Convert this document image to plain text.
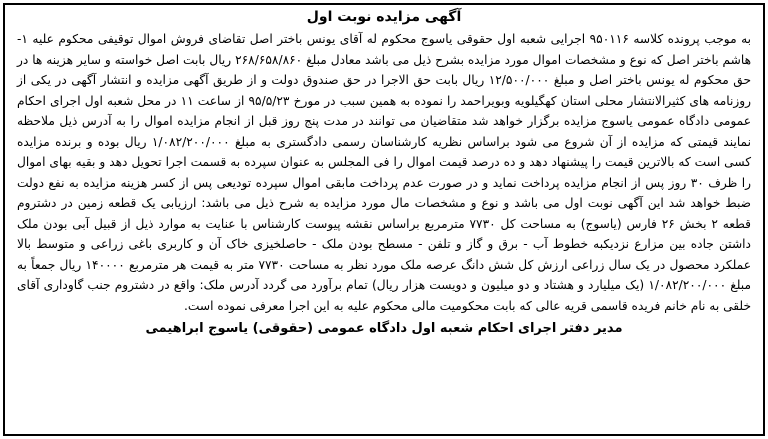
آگهی مزایده نوبت اول

به موجب پرونده کلاسه ۹۵۰۱۱۶ اجرایی شعبه اول حقوقی یاسوج محکوم له آقای یونس باختر اصل تقاضای فروش اموال توقیفی محکوم علیه ۱-هاشم باختر اصل که نوع و مشخصات اموال مورد مزایده بشرح ذیل می باشد معادل مبلغ ۲۶۸/۶۵۸/۸۶۰ ریال بابت اصل خواسته و سایر هزینه ها در حق محکوم له یونس باختر اصل و مبلغ ۱۲/۵۰۰/۰۰۰ ریال بابت حق الاجرا در حق صندوق دولت و از طریق آگهی مزایده و انتشار آگهی در یکی از روزنامه های کثیرالانتشار محلی استان کهگیلویه وبویراحمد را نموده به همین سبب در مورخ ۹۵/۵/۲۳ از ساعت ۱۱ در محل شعبه اول اجرای احکام عمومی دادگاه عمومی یاسوج مزایده برگزار خواهد شد متقاضیان می توانند در مدت پنج روز قبل از انجام مزایده اموال را به آدرس ذیل ملاحظه نمایند قیمتی که مزایده از آن شروع می شود براساس نظریه کارشناسان رسمی دادگستری به مبلغ ۱/۰۸۲/۲۰۰/۰۰۰ ریال بوده و برنده مزایده کسی است که بالاترین قیمت را پیشنهاد دهد و ده درصد قیمت اموال را فی المجلس به عنوان سپرده به قسمت اجرا تحویل دهد و بقیه بهای اموال را ظرف ۳۰ روز پس از انجام مزایده پرداخت نماید و در صورت عدم پرداخت مابقی اموال سپرده تودیعی پس از کسر هزینه مزایده به نفع دولت ضبط خواهد شد این آگهی نوبت اول می باشد و نوع و مشخصات مال مورد مزایده به شرح ذیل می باشد: ارزیابی یک قطعه زمین در دشتروم قطعه ۲ بخش ۲۶ فارس (یاسوج) به مساحت کل ۷۷۳۰ مترمربع براساس نقشه پیوست کارشناس با عنایت به موارد ذیل از قبیل آبی بودن ملک داشتن جاده بین مزارع نزدیکبه خطوط آب - برق و گاز و تلفن - مسطح بودن ملک - حاصلخیزی خاک آن و کاربری باغی زراعی و متوسط بالا عملکرد محصول در یک سال زراعی ارزش کل شش دانگ عرصه ملک مورد نظر به مساحت ۷۷۳۰ متر به قیمت هر مترمربع ۱۴۰۰۰۰ ریال جمعاً به مبلغ ۱/۰۸۲/۲۰۰/۰۰۰ (یک میلیارد و هشتاد و دو میلیون و دویست هزار ریال) تمام برآورد می گردد آدرس ملک: واقع در دشتروم جنب گاوداری آقای خلقی به نام خانم فریده قاسمی قریه عالی که بابت محکومیت مالی محکوم علیه به این اجرا معرفی نموده است.

مدیر دفتر اجرای احکام شعبه اول دادگاه عمومی (حقوقی) یاسوج ابراهیمی
